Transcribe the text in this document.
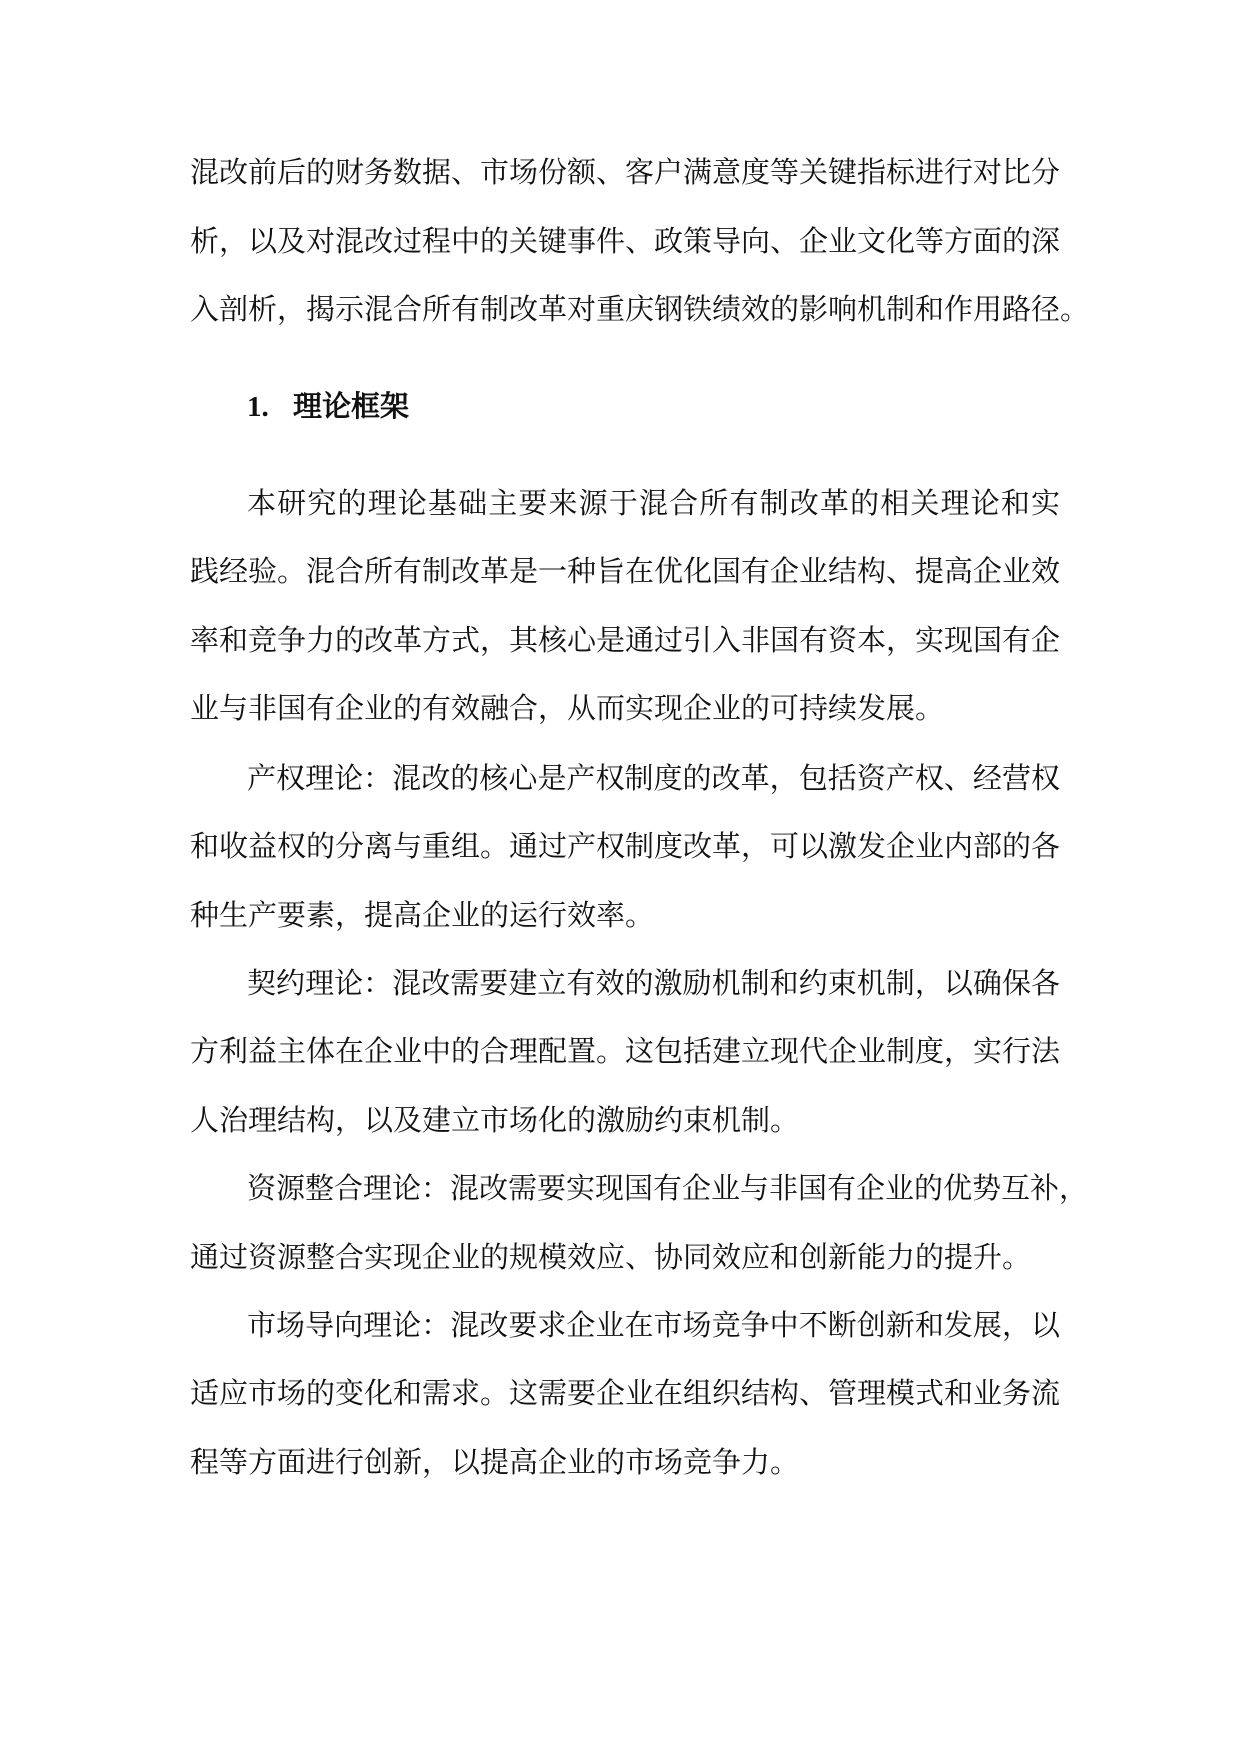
混改前后的财务数据、市场份额、客户满意度等关键指标进行对比分
析，以及对混改过程中的关键事件、政策导向、企业文化等方面的深
入剖析，揭示混合所有制改革对重庆钢铁绩效的影响机制和作用路径。
1. 理论框架
本研究的理论基础主要来源于混合所有制改革的相关理论和实
践经验。混合所有制改革是一种旨在优化国有企业结构、提高企业效
率和竞争力的改革方式，其核心是通过引入非国有资本，实现国有企
业与非国有企业的有效融合，从而实现企业的可持续发展。
产权理论：混改的核心是产权制度的改革，包括资产权、经营权
和收益权的分离与重组。通过产权制度改革，可以激发企业内部的各
种生产要素，提高企业的运行效率。
契约理论：混改需要建立有效的激励机制和约束机制，以确保各
方利益主体在企业中的合理配置。这包括建立现代企业制度，实行法
人治理结构，以及建立市场化的激励约束机制。
资源整合理论：混改需要实现国有企业与非国有企业的优势互补，
通过资源整合实现企业的规模效应、协同效应和创新能力的提升。
市场导向理论：混改要求企业在市场竞争中不断创新和发展，以
适应市场的变化和需求。这需要企业在组织结构、管理模式和业务流
程等方面进行创新，以提高企业的市场竞争力。
